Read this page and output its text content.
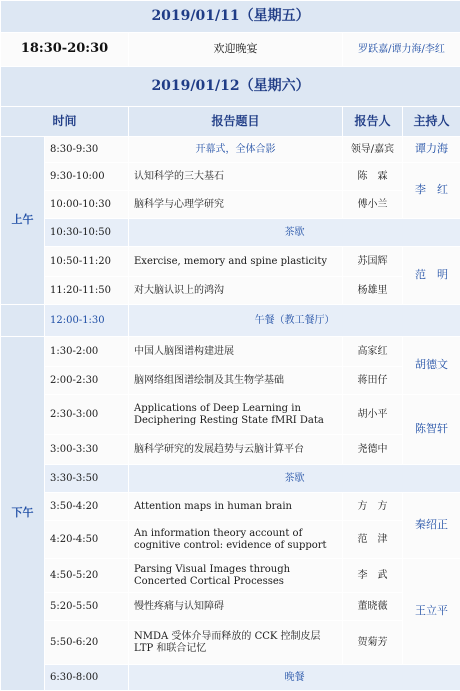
2019/01/11（星期五）				
18:30-20:30		欢迎晚宴	罗跃嘉/谭力海/李红	
2019/01/12（星期六）				
时间		报告题目	报告人	主持人
上午	8:30-9:30	开幕式，全体合影	领导/嘉宾	谭力海
	9:30-10:00	认知科学的三大基石	陈　霖	李　红
	10:00-10:30	脑科学与心理学研究	傅小兰	
	10:30-10:50	茶歇		
	10:50-11:20	Exercise, memory and spine plasticity	苏国辉	范　明
	11:20-11:50	对大脑认识上的鸿沟	杨雄里	
	12:00-1:30	午餐（教工餐厅）		
下午	1:30-2:00	中国人脑图谱构建进展	高家红	胡德文
	2:00-2:30	脑网络组图谱绘制及其生物学基础	蒋田仔	
	2:30-3:00	Applications of Deep Learning in Deciphering Resting State fMRI Data	胡小平	陈智轩
	3:00-3:30	脑科学研究的发展趋势与云脑计算平台	尧德中	
	3:30-3:50	茶歇		
	3:50-4:20	Attention maps in human brain	方　方	秦绍正
	4:20-4:50	An information theory account of cognitive control: evidence of support	范　津	
	4:50-5:20	Parsing Visual Images through Concerted Cortical Processes	李　武	王立平
	5:20-5:50	慢性疼痛与认知障碍	董晓薇	
	5:50-6:20	NMDA 受体介导而释放的 CCK 控制皮层 LTP 和联合记忆	贺菊芳	
	6:30-8:00	晚餐		
